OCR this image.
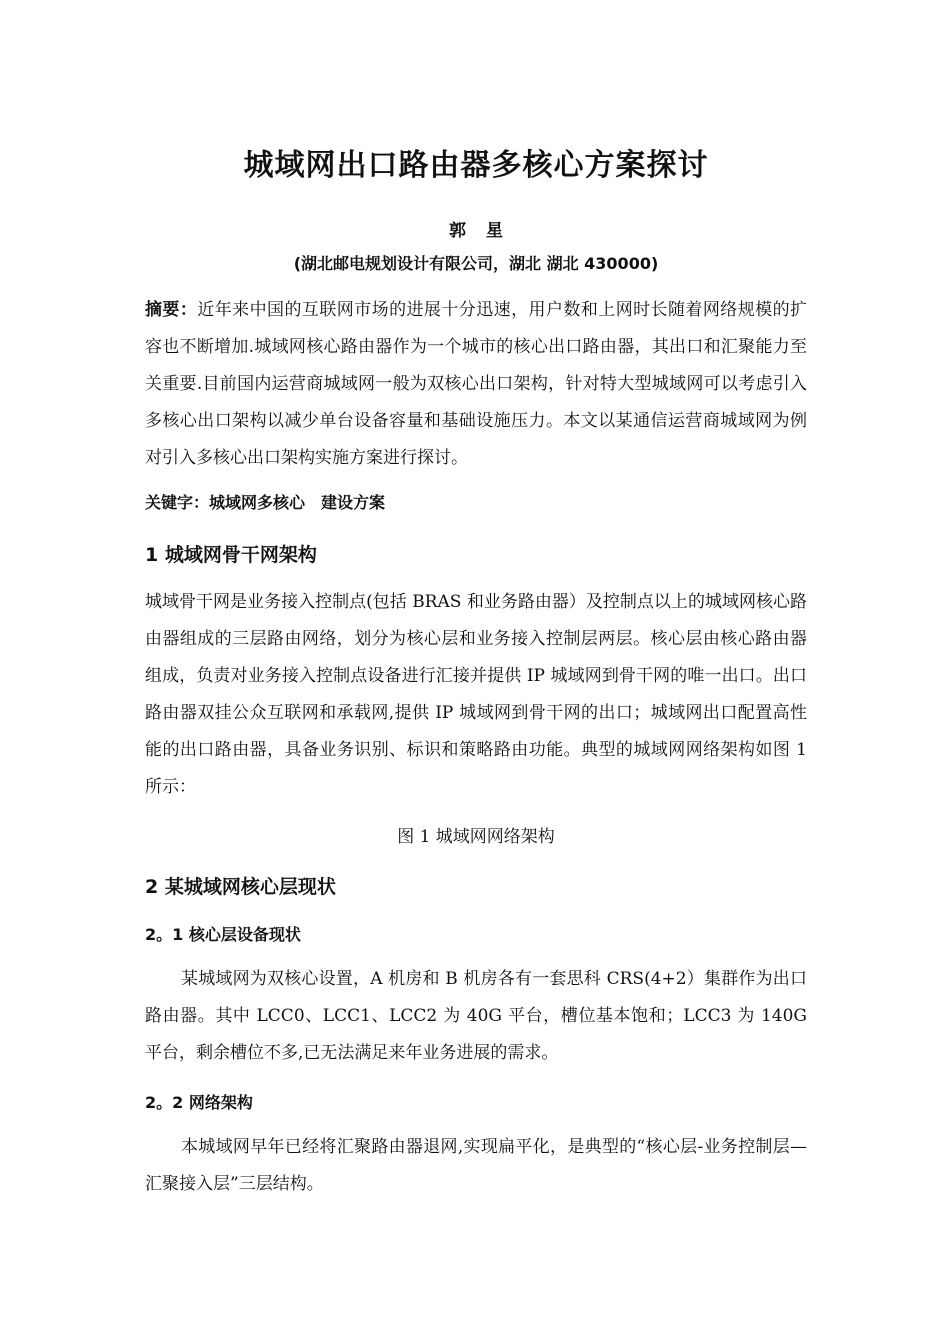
城域网出口路由器多核心方案探讨
郭 星
(湖北邮电规划设计有限公司，湖北 湖北 430000)
摘要：近年来中国的互联网市场的进展十分迅速，用户数和上网时长随着网络规模的扩容也不断增加.城域网核心路由器作为一个城市的核心出口路由器，其出口和汇聚能力至关重要.目前国内运营商城域网一般为双核心出口架构，针对特大型城域网可以考虑引入多核心出口架构以减少单台设备容量和基础设施压力。本文以某通信运营商城域网为例对引入多核心出口架构实施方案进行探讨。
关键字：城域网多核心　建设方案
1 城域网骨干网架构
城域骨干网是业务接入控制点(包括 BRAS 和业务路由器）及控制点以上的城域网核心路由器组成的三层路由网络，划分为核心层和业务接入控制层两层。核心层由核心路由器组成，负责对业务接入控制点设备进行汇接并提供 IP 城域网到骨干网的唯一出口。出口路由器双挂公众互联网和承载网,提供 IP 城域网到骨干网的出口；城域网出口配置高性能的出口路由器，具备业务识别、标识和策略路由功能。典型的城域网网络架构如图 1 所示：
图 1 城域网网络架构
2 某城域网核心层现状
2。1 核心层设备现状
某城域网为双核心设置，A 机房和 B 机房各有一套思科 CRS(4+2）集群作为出口路由器。其中 LCC0、LCC1、LCC2 为 40G 平台，槽位基本饱和；LCC3 为 140G 平台，剩余槽位不多,已无法满足来年业务进展的需求。
2。2 网络架构
本城域网早年已经将汇聚路由器退网,实现扁平化，是典型的“核心层-业务控制层—汇聚接入层”三层结构。
